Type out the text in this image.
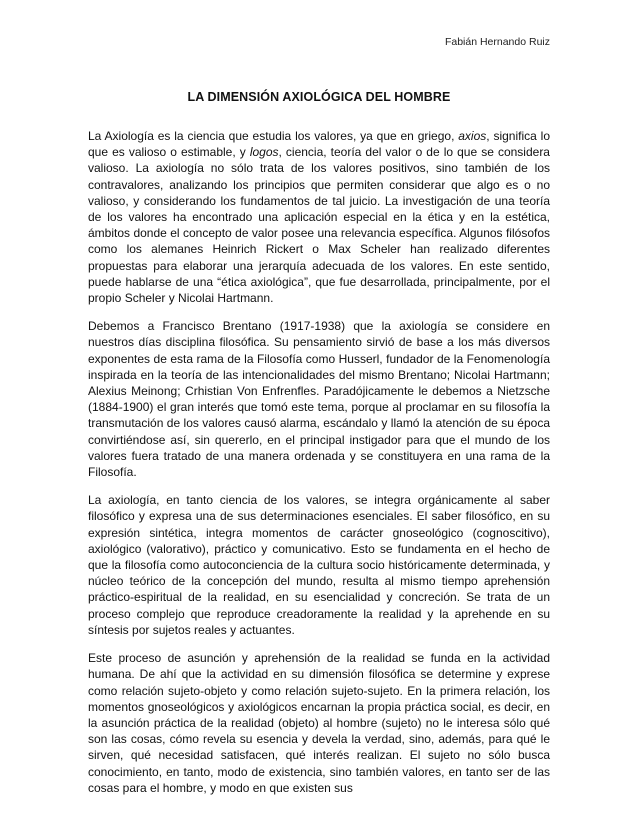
Fabián Hernando Ruiz
LA DIMENSIÓN AXIOLÓGICA DEL HOMBRE

La Axiología es la ciencia que estudia los valores, ya que en griego, axios, significa lo que es valioso o estimable, y logos, ciencia, teoría del valor o de lo que se considera valioso. La axiología no sólo trata de los valores positivos, sino también de los contravalores, analizando los principios que permiten considerar que algo es o no valioso, y considerando los fundamentos de tal juicio. La investigación de una teoría de los valores ha encontrado una aplicación especial en la ética y en la estética, ámbitos donde el concepto de valor posee una relevancia específica. Algunos filósofos como los alemanes Heinrich Rickert o Max Scheler han realizado diferentes propuestas para elaborar una jerarquía adecuada de los valores. En este sentido, puede hablarse de una “ética axiológica”, que fue desarrollada, principalmente, por el propio Scheler y Nicolai Hartmann.

Debemos a Francisco Brentano (1917-1938) que la axiología se considere en nuestros días disciplina filosófica. Su pensamiento sirvió de base a los más diversos exponentes de esta rama de la Filosofía como Husserl, fundador de la Fenomenología inspirada en la teoría de las intencionalidades del mismo Brentano; Nicolai Hartmann; Alexius Meinong; Crhistian Von Enfrenfles. Paradójicamente le debemos a Nietzsche (1884-1900) el gran interés que tomó este tema, porque al proclamar en su filosofía la transmutación de los valores causó alarma, escándalo y llamó la atención de su época convirtiéndose así, sin quererlo, en el principal instigador para que el mundo de los valores fuera tratado de una manera ordenada y se constituyera en una rama de la Filosofía.

La axiología, en tanto ciencia de los valores, se integra orgánicamente al saber filosófico y expresa una de sus determinaciones esenciales. El saber filosófico, en su expresión sintética, integra momentos de carácter gnoseológico (cognoscitivo), axiológico (valorativo), práctico y comunicativo. Esto se fundamenta en el hecho de que la filosofía como autoconciencia de la cultura socio históricamente determinada, y núcleo teórico de la concepción del mundo, resulta al mismo tiempo aprehensión práctico-espiritual de la realidad, en su esencialidad y concreción. Se trata de un proceso complejo que reproduce creadoramente la realidad y la aprehende en su síntesis por sujetos reales y actuantes.

Este proceso de asunción y aprehensión de la realidad se funda en la actividad humana. De ahí que la actividad en su dimensión filosófica se determine y exprese como relación sujeto-objeto y como relación sujeto-sujeto. En la primera relación, los momentos gnoseológicos y axiológicos encarnan la propia práctica social, es decir, en la asunción práctica de la realidad (objeto) al hombre (sujeto) no le interesa sólo qué son las cosas, cómo revela su esencia y devela la verdad, sino, además, para qué le sirven, qué necesidad satisfacen, qué interés realizan. El sujeto no sólo busca conocimiento, en tanto, modo de existencia, sino también valores, en tanto ser de las cosas para el hombre, y modo en que existen sus
